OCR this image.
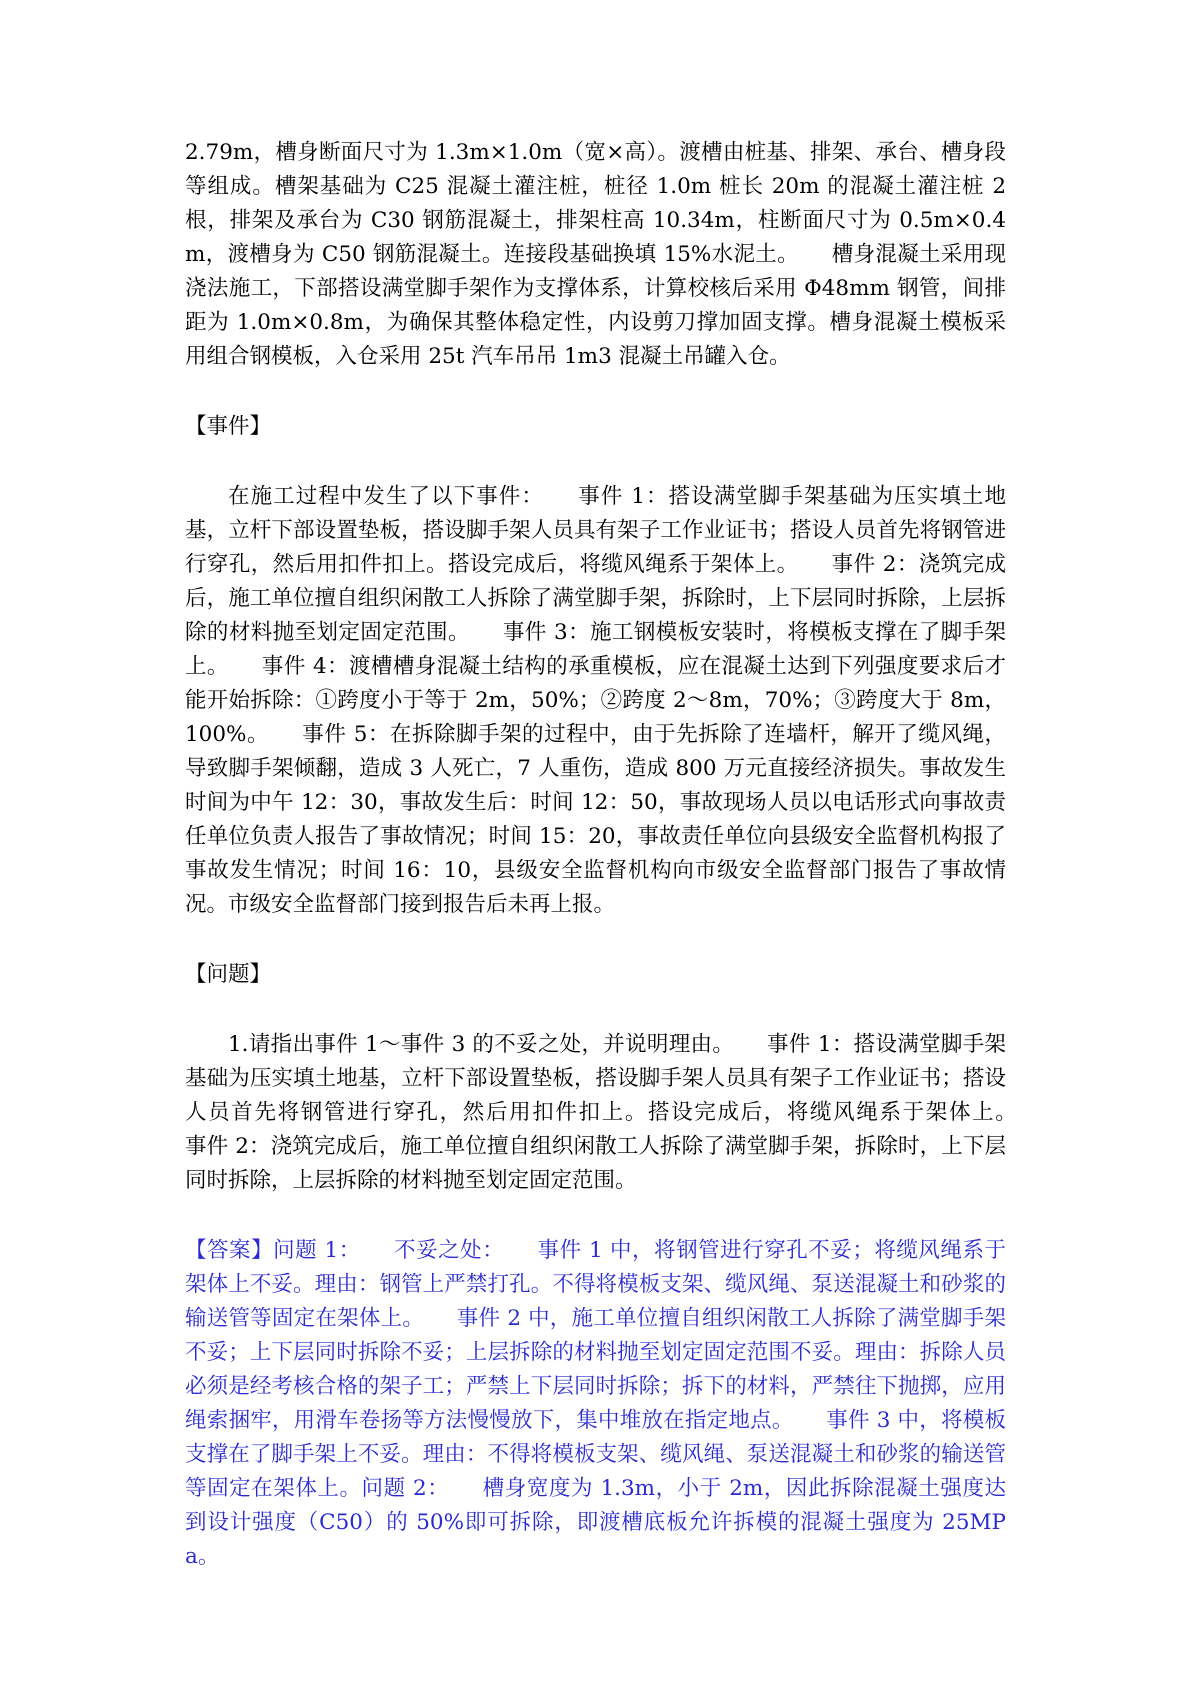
2.79m，槽身断面尺寸为 1.3m×1.0m（宽×高）。渡槽由桩基、排架、承台、槽身段等组成。槽架基础为 C25 混凝土灌注桩，桩径 1.0m 桩长 20m 的混凝土灌注桩 2 根，排架及承台为 C30 钢筋混凝土，排架柱高 10.34m，柱断面尺寸为 0.5m×0.4m，渡槽身为 C50 钢筋混凝土。连接段基础换填 15%水泥土。　　槽身混凝土采用现浇法施工，下部搭设满堂脚手架作为支撑体系，计算校核后采用 Φ48mm 钢管，间排距为 1.0m×0.8m，为确保其整体稳定性，内设剪刀撑加固支撑。槽身混凝土模板采用组合钢模板，入仓采用 25t 汽车吊吊 1m3 混凝土吊罐入仓。

【事件】

在施工过程中发生了以下事件：　　事件 1：搭设满堂脚手架基础为压实填土地基，立杆下部设置垫板，搭设脚手架人员具有架子工作业证书；搭设人员首先将钢管进行穿孔，然后用扣件扣上。搭设完成后，将缆风绳系于架体上。　　事件 2：浇筑完成后，施工单位擅自组织闲散工人拆除了满堂脚手架，拆除时，上下层同时拆除，上层拆除的材料抛至划定固定范围。　　事件 3：施工钢模板安装时，将模板支撑在了脚手架上。　　事件 4：渡槽槽身混凝土结构的承重模板，应在混凝土达到下列强度要求后才能开始拆除：①跨度小于等于 2m，50%；②跨度 2～8m，70%；③跨度大于 8m，100%。　　事件 5：在拆除脚手架的过程中，由于先拆除了连墙杆，解开了缆风绳，导致脚手架倾翻，造成 3 人死亡，7 人重伤，造成 800 万元直接经济损失。事故发生时间为中午 12：30，事故发生后：时间 12：50，事故现场人员以电话形式向事故责任单位负责人报告了事故情况；时间 15：20，事故责任单位向县级安全监督机构报了事故发生情况；时间 16：10，县级安全监督机构向市级安全监督部门报告了事故情况。市级安全监督部门接到报告后未再上报。

【问题】

1.请指出事件 1～事件 3 的不妥之处，并说明理由。　　事件 1：搭设满堂脚手架基础为压实填土地基，立杆下部设置垫板，搭设脚手架人员具有架子工作业证书；搭设人员首先将钢管进行穿孔，然后用扣件扣上。搭设完成后，将缆风绳系于架体上。　　事件 2：浇筑完成后，施工单位擅自组织闲散工人拆除了满堂脚手架，拆除时，上下层同时拆除，上层拆除的材料抛至划定固定范围。

【答案】问题 1：　　不妥之处：　　事件 1 中，将钢管进行穿孔不妥；将缆风绳系于架体上不妥。理由：钢管上严禁打孔。不得将模板支架、缆风绳、泵送混凝土和砂浆的输送管等固定在架体上。　　事件 2 中，施工单位擅自组织闲散工人拆除了满堂脚手架不妥；上下层同时拆除不妥；上层拆除的材料抛至划定固定范围不妥。理由：拆除人员必须是经考核合格的架子工；严禁上下层同时拆除；拆下的材料，严禁往下抛掷，应用绳索捆牢，用滑车卷扬等方法慢慢放下，集中堆放在指定地点。　　事件 3 中，将模板支撑在了脚手架上不妥。理由：不得将模板支架、缆风绳、泵送混凝土和砂浆的输送管等固定在架体上。问题 2：　　槽身宽度为 1.3m，小于 2m，因此拆除混凝土强度达到设计强度（C50）的 50%即可拆除，即渡槽底板允许拆模的混凝土强度为 25MPa。
